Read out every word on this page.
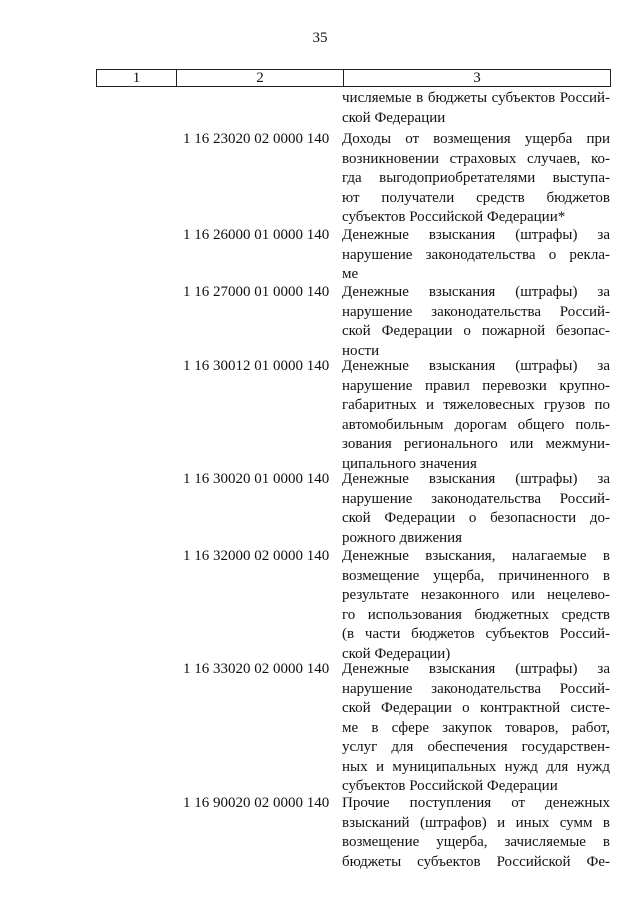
35
1	2	3
числяемые в бюджеты субъектов Россий-
ской Федерации
1 16 23020 02 0000 140 Доходы от возмещения ущерба при
возникновении страховых случаев, ко-
гда выгодоприобретателями выступа-
ют получатели средств бюджетов
субъектов Российской Федерации*
1 16 26000 01 0000 140 Денежные взыскания (штрафы) за
нарушение законодательства о рекла-
ме
1 16 27000 01 0000 140 Денежные взыскания (штрафы) за
нарушение законодательства Россий-
ской Федерации о пожарной безопас-
ности
1 16 30012 01 0000 140 Денежные взыскания (штрафы) за
нарушение правил перевозки крупно-
габаритных и тяжеловесных грузов по
автомобильным дорогам общего поль-
зования регионального или межмуни-
ципального значения
1 16 30020 01 0000 140 Денежные взыскания (штрафы) за
нарушение законодательства Россий-
ской Федерации о безопасности до-
рожного движения
1 16 32000 02 0000 140 Денежные взыскания, налагаемые в
возмещение ущерба, причиненного в
результате незаконного или нецелево-
го использования бюджетных средств
(в части бюджетов субъектов Россий-
ской Федерации)
1 16 33020 02 0000 140 Денежные взыскания (штрафы) за
нарушение законодательства Россий-
ской Федерации о контрактной систе-
ме в сфере закупок товаров, работ,
услуг для обеспечения государствен-
ных и муниципальных нужд для нужд
субъектов Российской Федерации
1 16 90020 02 0000 140 Прочие поступления от денежных
взысканий (штрафов) и иных сумм в
возмещение ущерба, зачисляемые в
бюджеты субъектов Российской Фе-
